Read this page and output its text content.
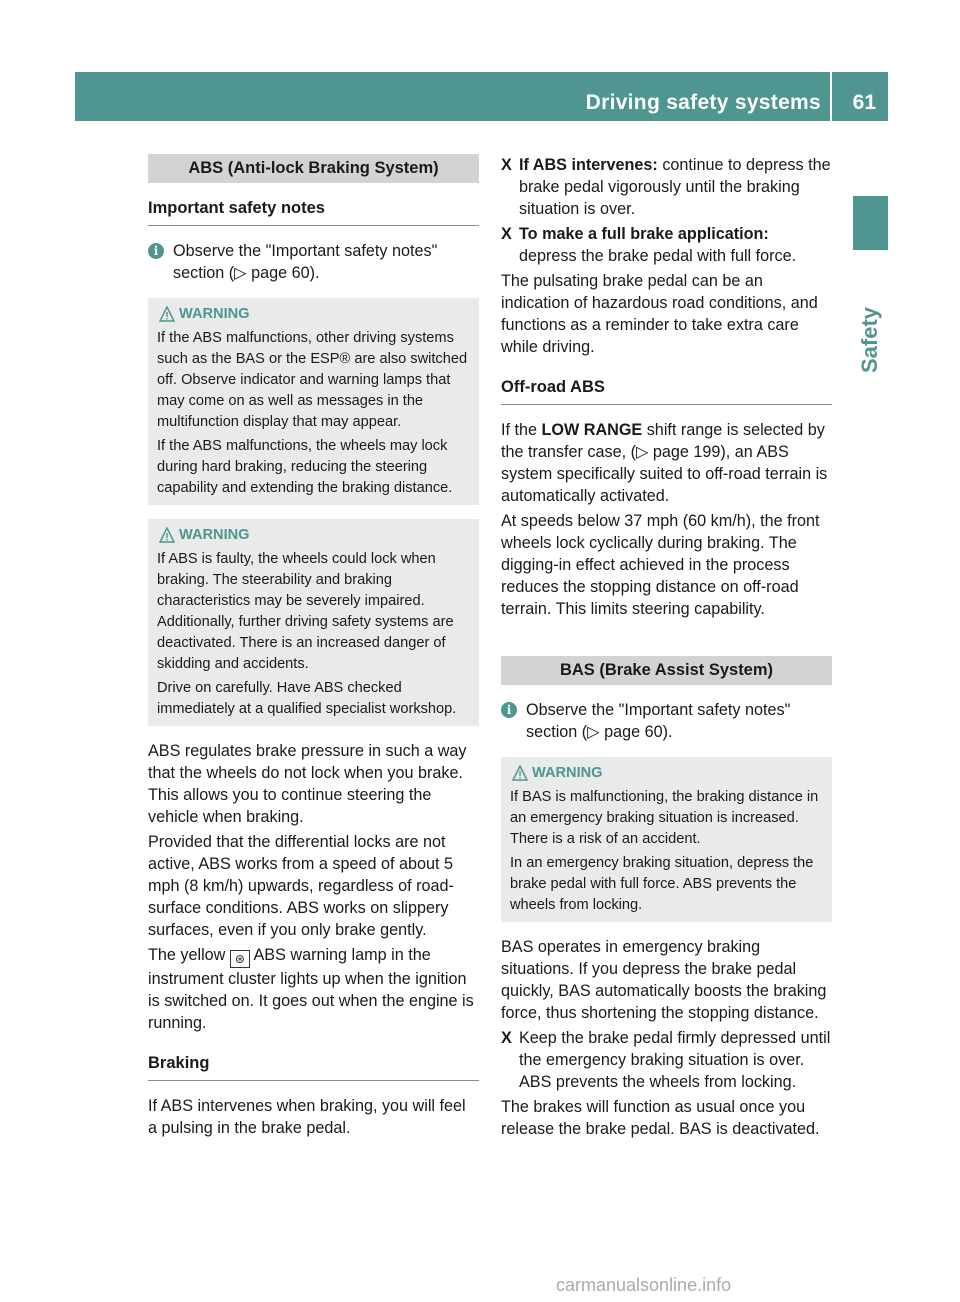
Driving safety systems 61
Safety
ABS (Anti-lock Braking System)
Important safety notes
i Observe the "Important safety notes" section (▷ page 60).
WARNING

If the ABS malfunctions, other driving systems such as the BAS or the ESP® are also switched off. Observe indicator and warning lamps that may come on as well as messages in the multifunction display that may appear.

If the ABS malfunctions, the wheels may lock during hard braking, reducing the steering capability and extending the braking distance.

WARNING

If ABS is faulty, the wheels could lock when braking. The steerability and braking characteristics may be severely impaired. Additionally, further driving safety systems are deactivated. There is an increased danger of skidding and accidents.

Drive on carefully. Have ABS checked immediately at a qualified specialist workshop.

ABS regulates brake pressure in such a way that the wheels do not lock when you brake. This allows you to continue steering the vehicle when braking.

Provided that the differential locks are not active, ABS works from a speed of about 5 mph (8 km/h) upwards, regardless of road-surface conditions. ABS works on slippery surfaces, even if you only brake gently.

The yellow ⊛ ABS warning lamp in the instrument cluster lights up when the ignition is switched on. It goes out when the engine is running.

Braking

If ABS intervenes when braking, you will feel a pulsing in the brake pedal.

X If ABS intervenes: continue to depress the brake pedal vigorously until the braking situation is over.

X To make a full brake application:
depress the brake pedal with full force.

The pulsating brake pedal can be an indication of hazardous road conditions, and functions as a reminder to take extra care while driving.

Off-road ABS

If the LOW RANGE shift range is selected by the transfer case, (▷ page 199), an ABS system specifically suited to off-road terrain is automatically activated.

At speeds below 37 mph (60 km/h), the front wheels lock cyclically during braking. The digging-in effect achieved in the process reduces the stopping distance on off-road terrain. This limits steering capability.

BAS (Brake Assist System)
i Observe the "Important safety notes" section (▷ page 60).
WARNING

If BAS is malfunctioning, the braking distance in an emergency braking situation is increased. There is a risk of an accident.

In an emergency braking situation, depress the brake pedal with full force. ABS prevents the wheels from locking.

BAS operates in emergency braking situations. If you depress the brake pedal quickly, BAS automatically boosts the braking force, thus shortening the stopping distance.

X Keep the brake pedal firmly depressed until the emergency braking situation is over. ABS prevents the wheels from locking.

The brakes will function as usual once you release the brake pedal. BAS is deactivated.

carmanualsonline.info
